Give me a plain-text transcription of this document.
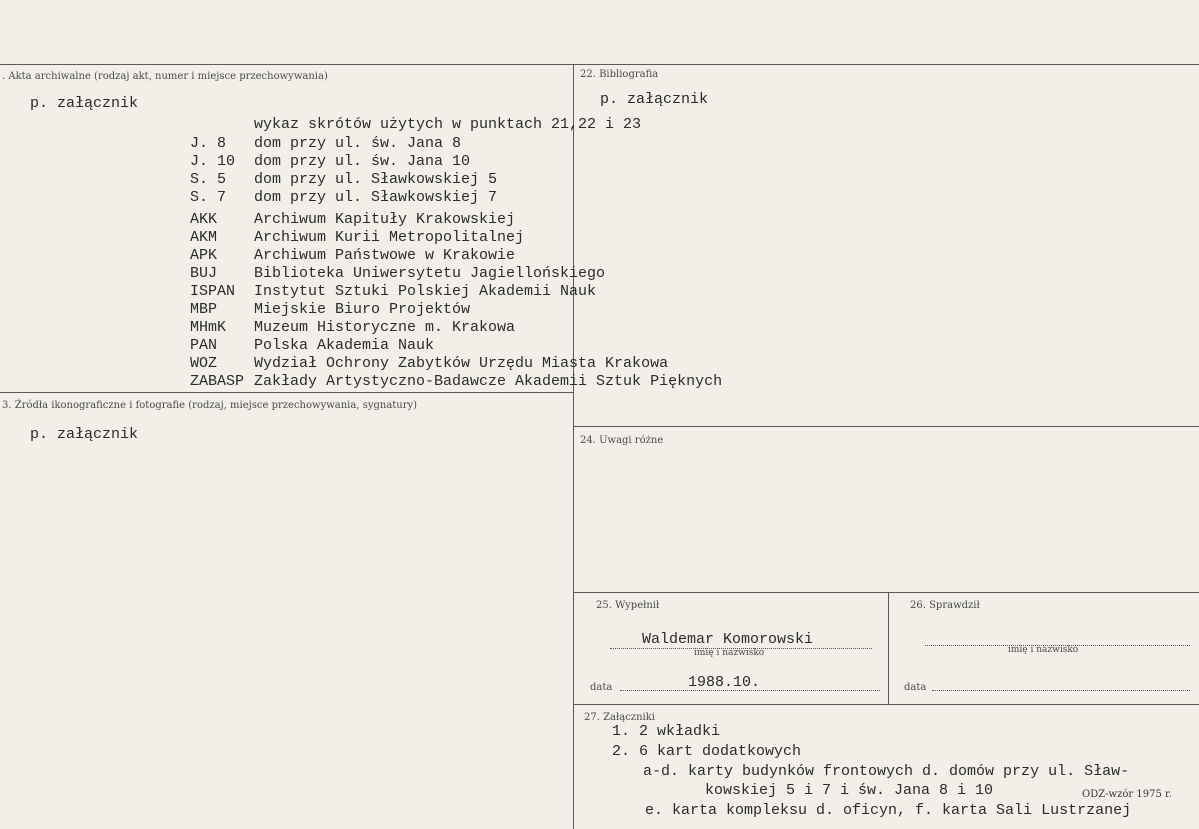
. Akta archiwalne (rodzaj akt, numer i miejsce przechowywania)
p. załącznik
wykaz skrótów użytych w punktach 21,22 i 23
J. 8 dom przy ul. św. Jana 8
J. 10 dom przy ul. św. Jana 10
S. 5 dom przy ul. Sławkowskiej 5
S. 7 dom przy ul. Sławkowskiej 7
AKK Archiwum Kapituły Krakowskiej
AKM Archiwum Kurii Metropolitalnej
APK Archiwum Państwowe w Krakowie
BUJ Biblioteka Uniwersytetu Jagiellońskiego
ISPAN Instytut Sztuki Polskiej Akademii Nauk
MBP Miejskie Biuro Projektów
MHmK Muzeum Historyczne m. Krakowa
PAN Polska Akademia Nauk
WOZ Wydział Ochrony Zabytków Urzędu Miasta Krakowa
ZABASP Zakłady Artystyczno-Badawcze Akademii Sztuk Pięknych
22. Bibliografia
p. załącznik
3. Źródła ikonograficzne i fotografie (rodzaj, miejsce przechowywania, sygnatury)
p. załącznik	24. Uwagi różne
25. Wypełnił
Waldemar Komorowski
imię i nazwisko
data	1988.10.
26. Sprawdził
imię i nazwisko
data
27. Załączniki
1. 2 wkładki
2. 6 kart dodatkowych
a-d. karty budynków frontowych d. domów przy ul. Sław-
kowskiej 5 i 7 i św. Jana 8 i 10
e. karta kompleksu d. oficyn, f. karta Sali Lustrzanej
ODZ-wzór 1975 r.
